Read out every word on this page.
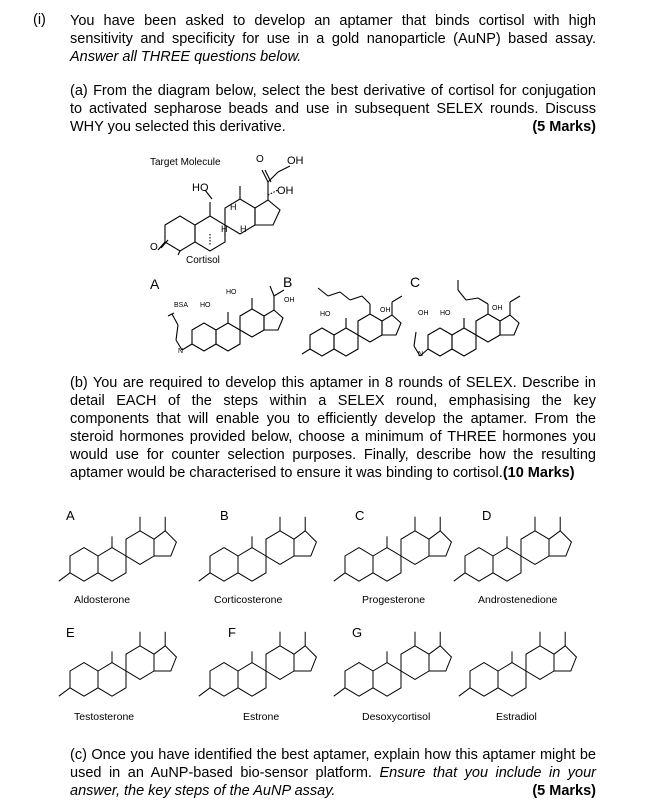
(i) You have been asked to develop an aptamer that binds cortisol with high sensitivity and specificity for use in a gold nanoparticle (AuNP) based assay. Answer all THREE questions below.
(a) From the diagram below, select the best derivative of cortisol for conjugation to activated sepharose beads and use in subsequent SELEX rounds. Discuss WHY you selected this derivative.	(5 Marks)
Target Molecule
Cortisol
HO
OH
OH
O
O
H
H H
A	B	C
BSA HO
HO
OH
N
HO
OH	OH HO
OH
N
(b) You are required to develop this aptamer in 8 rounds of SELEX. Describe in detail EACH of the steps within a SELEX round, emphasising the key components that will enable you to efficiently develop the aptamer. From the steroid hormones provided below, choose a minimum of THREE hormones you would use for counter selection purposes. Finally, describe how the resulting aptamer would be characterised to ensure it was binding to cortisol.(10 Marks)
A	B	C	D
E	F	G
Aldosterone	Corticosterone	Progesterone	Androstenedione
Testosterone	Estrone	Desoxycortisol	Estradiol
(c) Once you have identified the best aptamer, explain how this aptamer might be used in an AuNP-based bio-sensor platform. Ensure that you include in your answer, the key steps of the AuNP assay.	(5 Marks)
